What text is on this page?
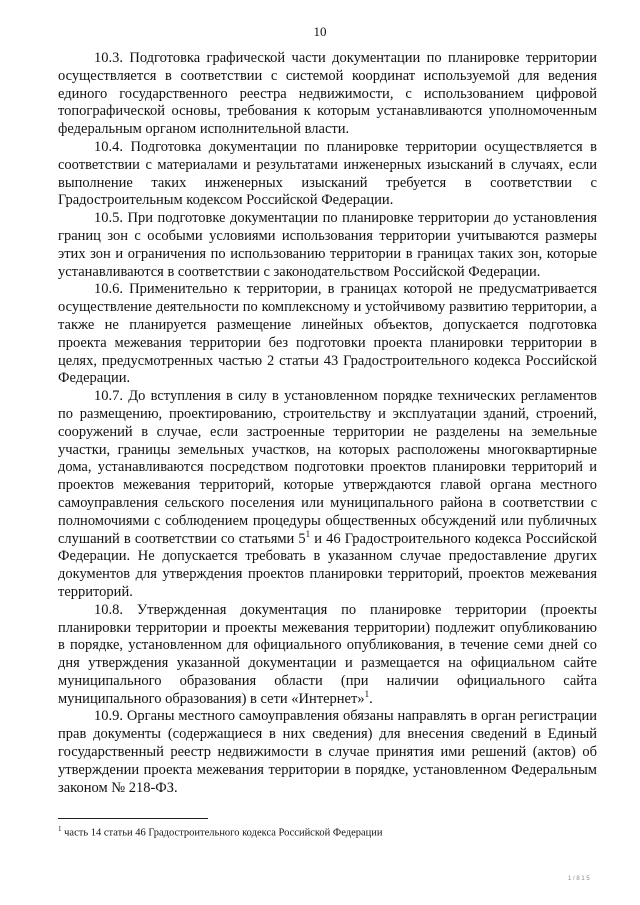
10

10.3. Подготовка графической части документации по планировке территории осуществляется в соответствии с системой координат используемой для ведения единого государственного реестра недвижимости, с использованием цифровой топографической основы, требования к которым устанавливаются уполномоченным федеральным органом исполнительной власти.

10.4. Подготовка документации по планировке территории осуществляется в соответствии с материалами и результатами инженерных изысканий в случаях, если выполнение таких инженерных изысканий требуется в соответствии с Градостроительным кодексом Российской Федерации.

10.5. При подготовке документации по планировке территории до установления границ зон с особыми условиями использования территории учитываются размеры этих зон и ограничения по использованию территории в границах таких зон, которые устанавливаются в соответствии с законодательством Российской Федерации.

10.6. Применительно к территории, в границах которой не предусматривается осуществление деятельности по комплексному и устойчивому развитию территории, а также не планируется размещение линейных объектов, допускается подготовка проекта межевания территории без подготовки проекта планировки территории в целях, предусмотренных частью 2 статьи 43 Градостроительного кодекса Российской Федерации.

10.7. До вступления в силу в установленном порядке технических регламентов по размещению, проектированию, строительству и эксплуатации зданий, строений, сооружений в случае, если застроенные территории не разделены на земельные участки, границы земельных участков, на которых расположены многоквартирные дома, устанавливаются посредством подготовки проектов планировки территорий и проектов межевания территорий, которые утверждаются главой органа местного самоуправления сельского поселения или муниципального района в соответствии с полномочиями с соблюдением процедуры общественных обсуждений или публичных слушаний в соответствии со статьями $5^1$ и 46 Градостроительного кодекса Российской Федерации. Не допускается требовать в указанном случае предоставление других документов для утверждения проектов планировки территорий, проектов межевания территорий.

10.8. Утвержденная документация по планировке территории (проекты планировки территории и проекты межевания территории) подлежит опубликованию в порядке, установленном для официального опубликования, в течение семи дней со дня утверждения указанной документации и размещается на официальном сайте муниципального образования области (при наличии официального сайта муниципального образования) в сети «Интернет»$^1$.

10.9. Органы местного самоуправления обязаны направлять в орган регистрации прав документы (содержащиеся в них сведения) для внесения сведений в Единый государственный реестр недвижимости в случае принятия ими решений (актов) об утверждении проекта межевания территории в порядке, установленном Федеральным законом № 218-ФЗ.

$^1$ часть 14 статьи 46 Градостроительного кодекса Российской Федерации
1 / 8 1 5
